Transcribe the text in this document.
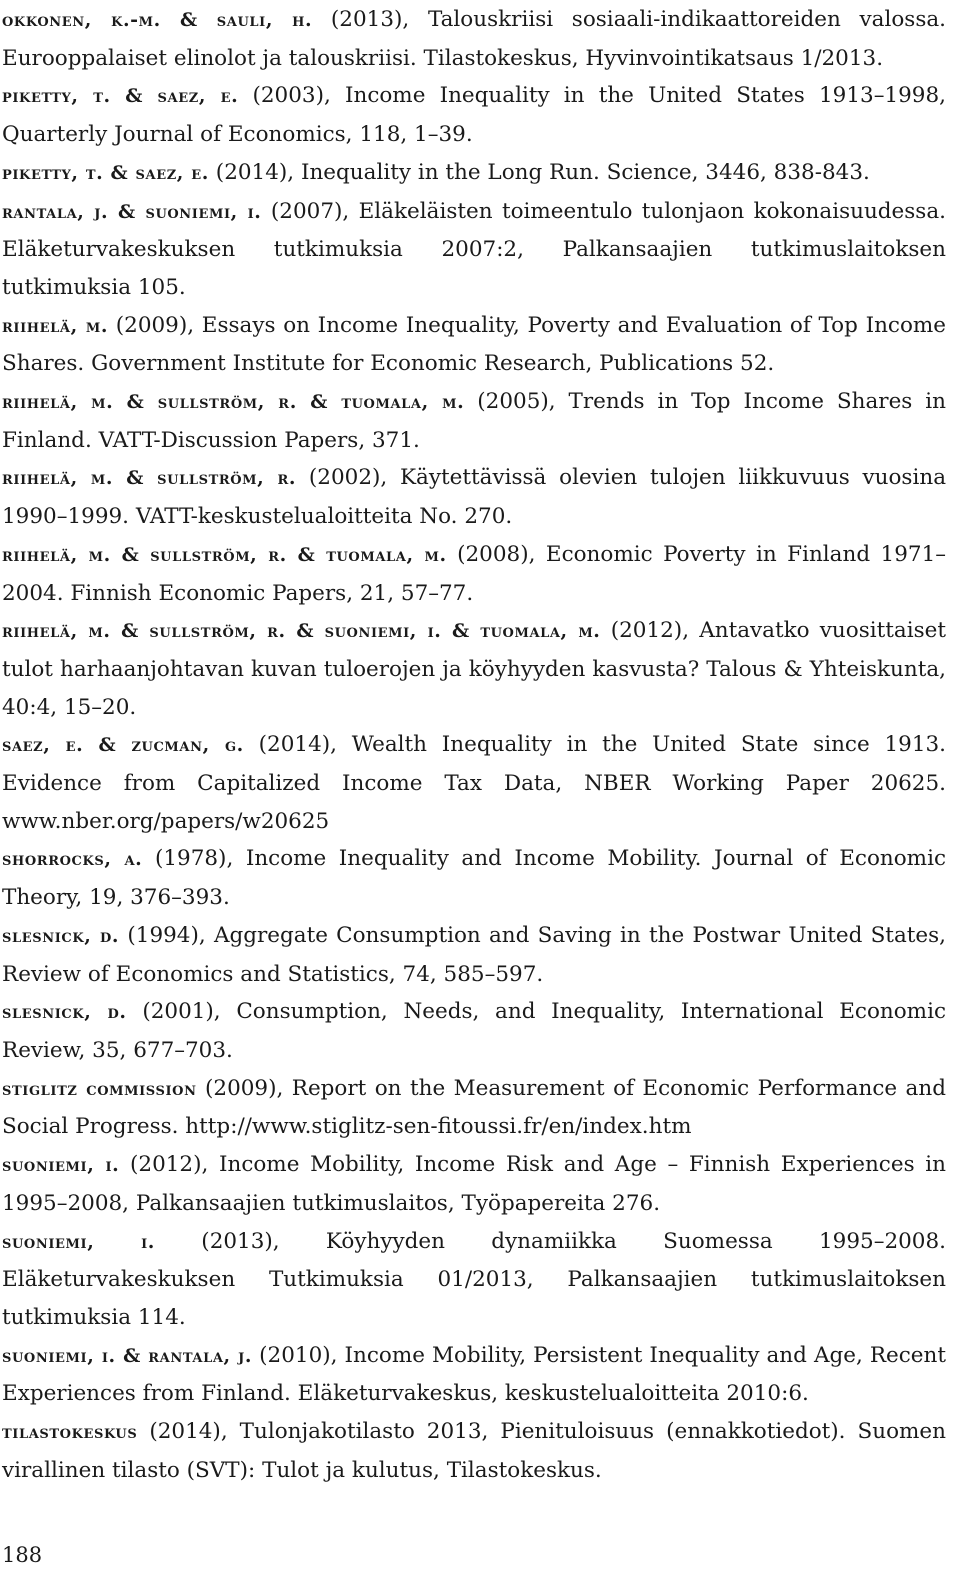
okkonen, k.-m. & sauli, h. (2013), Talouskriisi sosiaali-indikaattoreiden valossa. Eurooppalaiset elinolot ja talouskriisi. Tilastokeskus, Hyvinvointikatsaus 1/2013.

piketty, t. & saez, e. (2003), Income Inequality in the United States 1913–1998, Quarterly Journal of Economics, 118, 1–39.

piketty, t. & saez, e. (2014), Inequality in the Long Run. Science, 3446, 838-843.

rantala, j. & suoniemi, i. (2007), Eläkeläisten toimeentulo tulonjaon kokonaisuudessa. Eläketurvakeskuksen tutkimuksia 2007:2, Palkansaajien tutkimuslaitoksen tutkimuksia 105.

riihelä, m. (2009), Essays on Income Inequality, Poverty and Evaluation of Top Income Shares. Government Institute for Economic Research, Publications 52.

riihelä, m. & sullström, r. & tuomala, m. (2005), Trends in Top Income Shares in Finland. VATT-Discussion Papers, 371.

riihelä, m. & sullström, r. (2002), Käytettävissä olevien tulojen liikkuvuus vuosina 1990–1999. VATT-keskustelualoitteita No. 270.

riihelä, m. & sullström, r. & tuomala, m. (2008), Economic Poverty in Finland 1971–2004. Finnish Economic Papers, 21, 57–77.

riihelä, m. & sullström, r. & suoniemi, i. & tuomala, m. (2012), Antavatko vuosittaiset tulot harhaanjohtavan kuvan tuloerojen ja köyhyyden kasvusta? Talous & Yhteiskunta, 40:4, 15–20.

saez, e. & zucman, g. (2014), Wealth Inequality in the United State since 1913. Evidence from Capitalized Income Tax Data, NBER Working Paper 20625. www.nber.org/papers/w20625

shorrocks, a. (1978), Income Inequality and Income Mobility. Journal of Economic Theory, 19, 376–393.

slesnick, d. (1994), Aggregate Consumption and Saving in the Postwar United States, Review of Economics and Statistics, 74, 585–597.

slesnick, d. (2001), Consumption, Needs, and Inequality, International Economic Review, 35, 677–703.

stiglitz commission (2009), Report on the Measurement of Economic Performance and Social Progress. http://www.stiglitz-sen-fitoussi.fr/en/index.htm

suoniemi, i. (2012), Income Mobility, Income Risk and Age – Finnish Experiences in 1995–2008, Palkansaajien tutkimuslaitos, Työpapereita 276.

suoniemi, i. (2013), Köyhyyden dynamiikka Suomessa 1995–2008. Eläketurvakeskuksen Tutkimuksia 01/2013, Palkansaajien tutkimuslaitoksen tutkimuksia 114.

suoniemi, i. & rantala, j. (2010), Income Mobility, Persistent Inequality and Age, Recent Experiences from Finland. Eläketurvakeskus, keskustelualoitteita 2010:6.

tilastokeskus (2014), Tulonjakotilasto 2013, Pienituloisuus (ennakkotiedot). Suomen virallinen tilasto (SVT): Tulot ja kulutus, Tilastokeskus.

188
